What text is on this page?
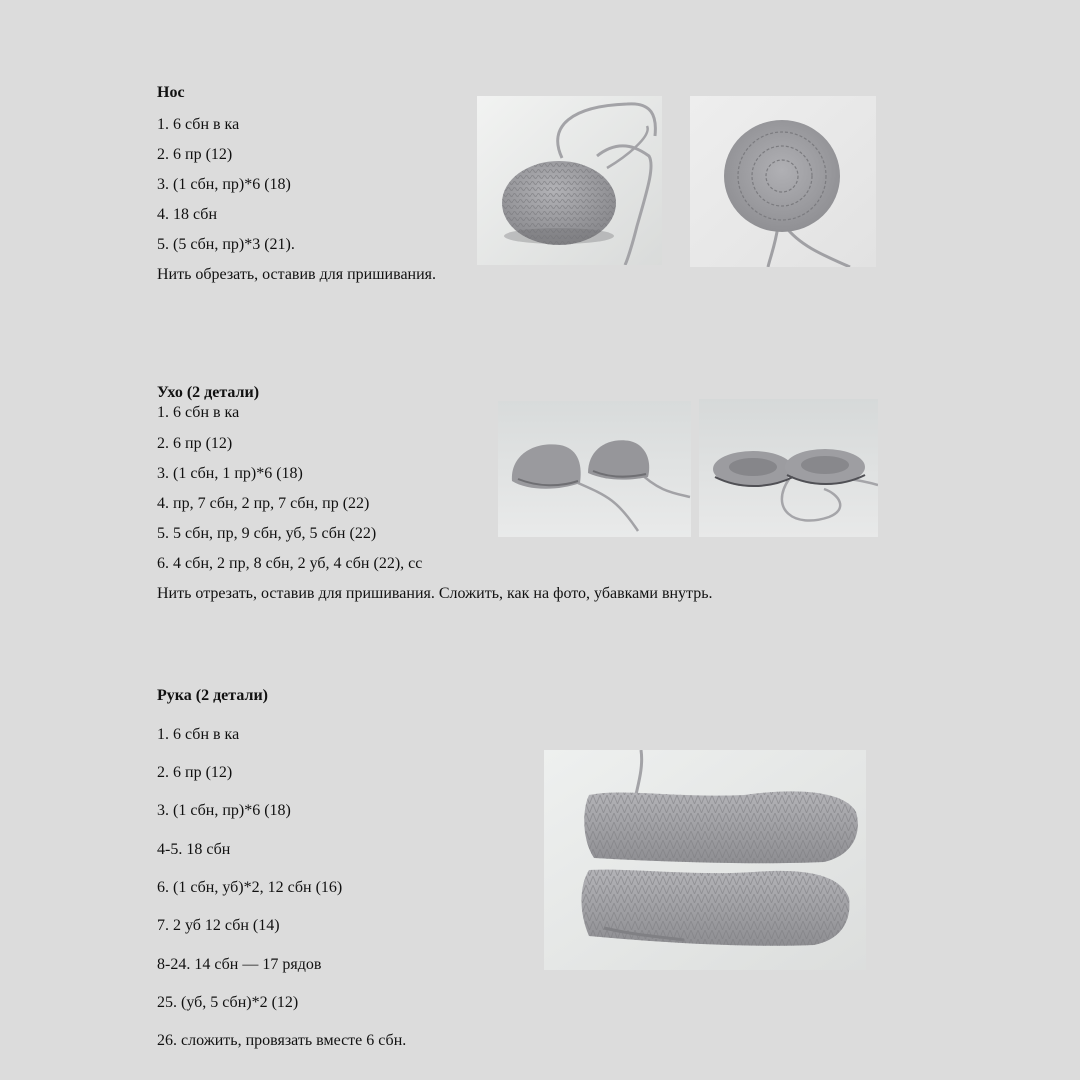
Нос
1. 6 сбн в ка
2. 6 пр (12)
3. (1 сбн, пр)*6 (18)
4. 18 сбн
5. (5 сбн, пр)*3 (21).
Нить обрезать, оставив для пришивания.
Ухо (2 детали)
1. 6 сбн в ка
2. 6 пр (12)
3. (1 сбн, 1 пр)*6 (18)
4. пр, 7 сбн, 2 пр, 7 сбн, пр (22)
5. 5 сбн, пр, 9 сбн, уб, 5 сбн (22)
6. 4 сбн, 2 пр, 8 сбн, 2 уб, 4 сбн (22), сс
Нить отрезать, оставив для пришивания. Сложить, как на фото, убавками внутрь.
Рука (2 детали)
1. 6 сбн в ка
2. 6 пр (12)
3. (1 сбн, пр)*6 (18)
4-5. 18 сбн
6. (1 сбн, уб)*2, 12 сбн (16)
7. 2 уб 12 сбн (14)
8-24. 14 сбн — 17 рядов
25. (уб, 5 сбн)*2 (12)
26. сложить, провязать вместе 6 сбн.
